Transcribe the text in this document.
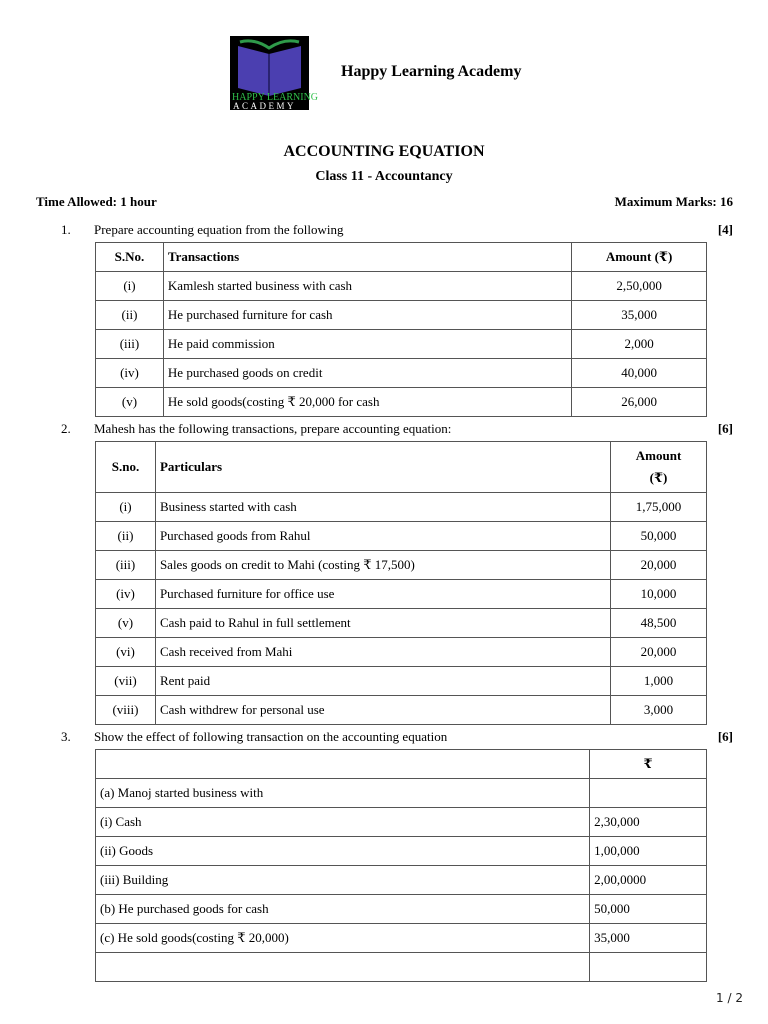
HAPPY LEARNING
ACADEMY
Happy Learning Academy
ACCOUNTING EQUATION
Class 11 - Accountancy
Time Allowed: 1 hour	Maximum Marks: 16
1. Prepare accounting equation from the following	[4]
S.No.	Transactions	Amount (₹)
(i)	Kamlesh started business with cash	2,50,000
(ii)	He purchased furniture for cash	35,000
(iii)	He paid commission	2,000
(iv)	He purchased goods on credit	40,000
(v)	He sold goods(costing ₹ 20,000 for cash	26,000
2. Mahesh has the following transactions, prepare accounting equation:	[6]
S.no.	Particulars	Amount
(₹)
(i)	Business started with cash	1,75,000
(ii)	Purchased goods from Rahul	50,000
(iii)	Sales goods on credit to Mahi (costing ₹ 17,500)	20,000
(iv)	Purchased furniture for office use	10,000
(v)	Cash paid to Rahul in full settlement	48,500
(vi)	Cash received from Mahi	20,000
(vii)	Rent paid	1,000
(viii)	Cash withdrew for personal use	3,000
3. Show the effect of following transaction on the accounting equation	[6]
	₹
(a) Manoj started business with	
(i) Cash	2,30,000
(ii) Goods	1,00,000
(iii) Building	2,00,0000
(b) He purchased goods for cash	50,000
(c) He sold goods(costing ₹ 20,000)	35,000

1 / 2
